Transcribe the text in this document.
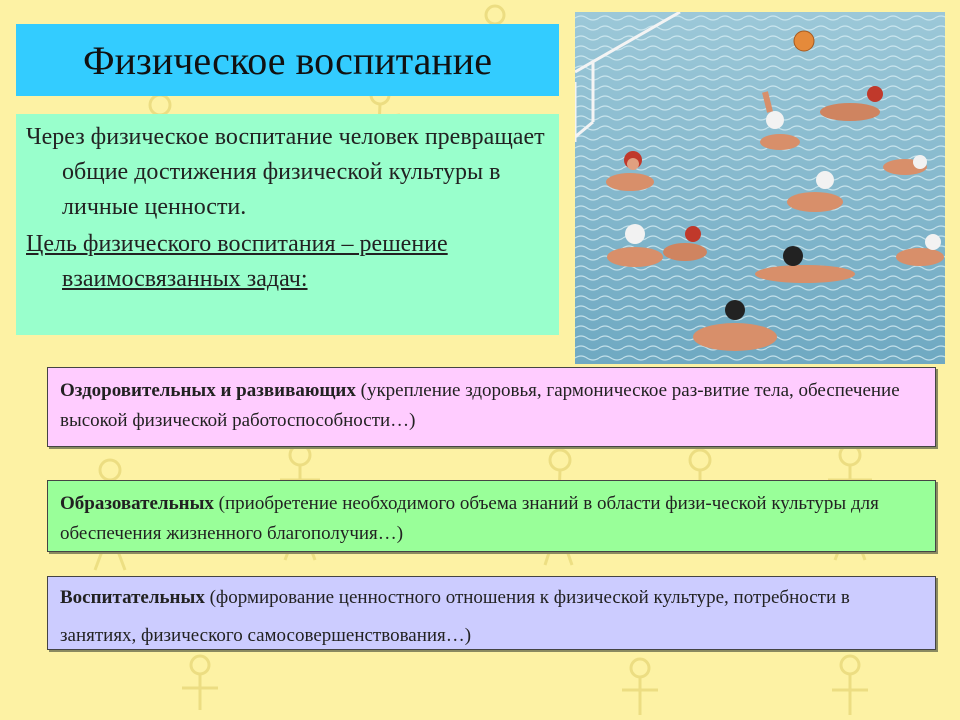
Физическое воспитание

Через физическое воспитание человек превращает общие достижения физической культуры в личные ценности.

Цель физического воспитания – решение взаимосвязанных задач:

Оздоровительных и развивающих (укрепление здоровья, гармоническое раз-витие тела, обеспечение высокой физической работоспособности…)
Образовательных (приобретение необходимого объема знаний в области физи-ческой культуры для обеспечения жизненного благополучия…)
Воспитательных (формирование ценностного отношения к физической культуре, потребности в занятиях, физического самосовершенствования…)
